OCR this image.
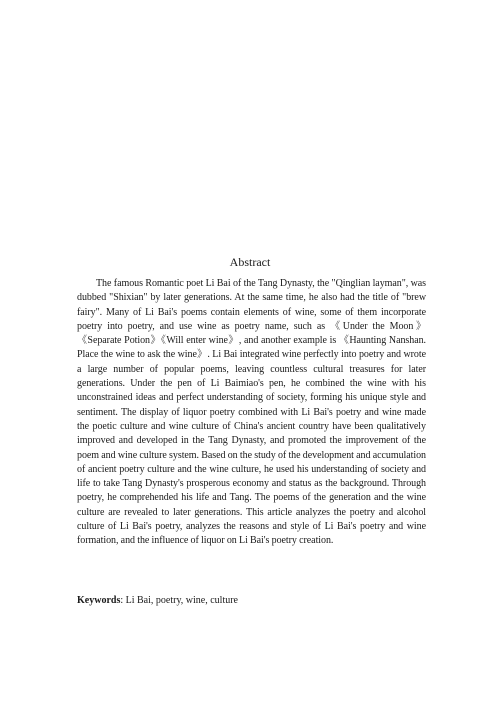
Abstract

The famous Romantic poet Li Bai of the Tang Dynasty, the "Qinglian layman", was dubbed "Shixian" by later generations. At the same time, he also had the title of "brew fairy". Many of Li Bai's poems contain elements of wine, some of them incorporate poetry into poetry, and use wine as poetry name, such as 《Under the Moon》 《Separate Potion》《Will enter wine》, and another example is 《Haunting Nanshan. Place the wine to ask the wine》. Li Bai integrated wine perfectly into poetry and wrote a large number of popular poems, leaving countless cultural treasures for later generations. Under the pen of Li Baimiao's pen, he combined the wine with his unconstrained ideas and perfect understanding of society, forming his unique style and sentiment. The display of liquor poetry combined with Li Bai's poetry and wine made the poetic culture and wine culture of China's ancient country have been qualitatively improved and developed in the Tang Dynasty, and promoted the improvement of the poem and wine culture system. Based on the study of the development and accumulation of ancient poetry culture and the wine culture, he used his understanding of society and life to take Tang Dynasty's prosperous economy and status as the background. Through poetry, he comprehended his life and Tang. The poems of the generation and the wine culture are revealed to later generations. This article analyzes the poetry and alcohol culture of Li Bai's poetry, analyzes the reasons and style of Li Bai's poetry and wine formation, and the influence of liquor on Li Bai's poetry creation.

Keywords: Li Bai, poetry, wine, culture
